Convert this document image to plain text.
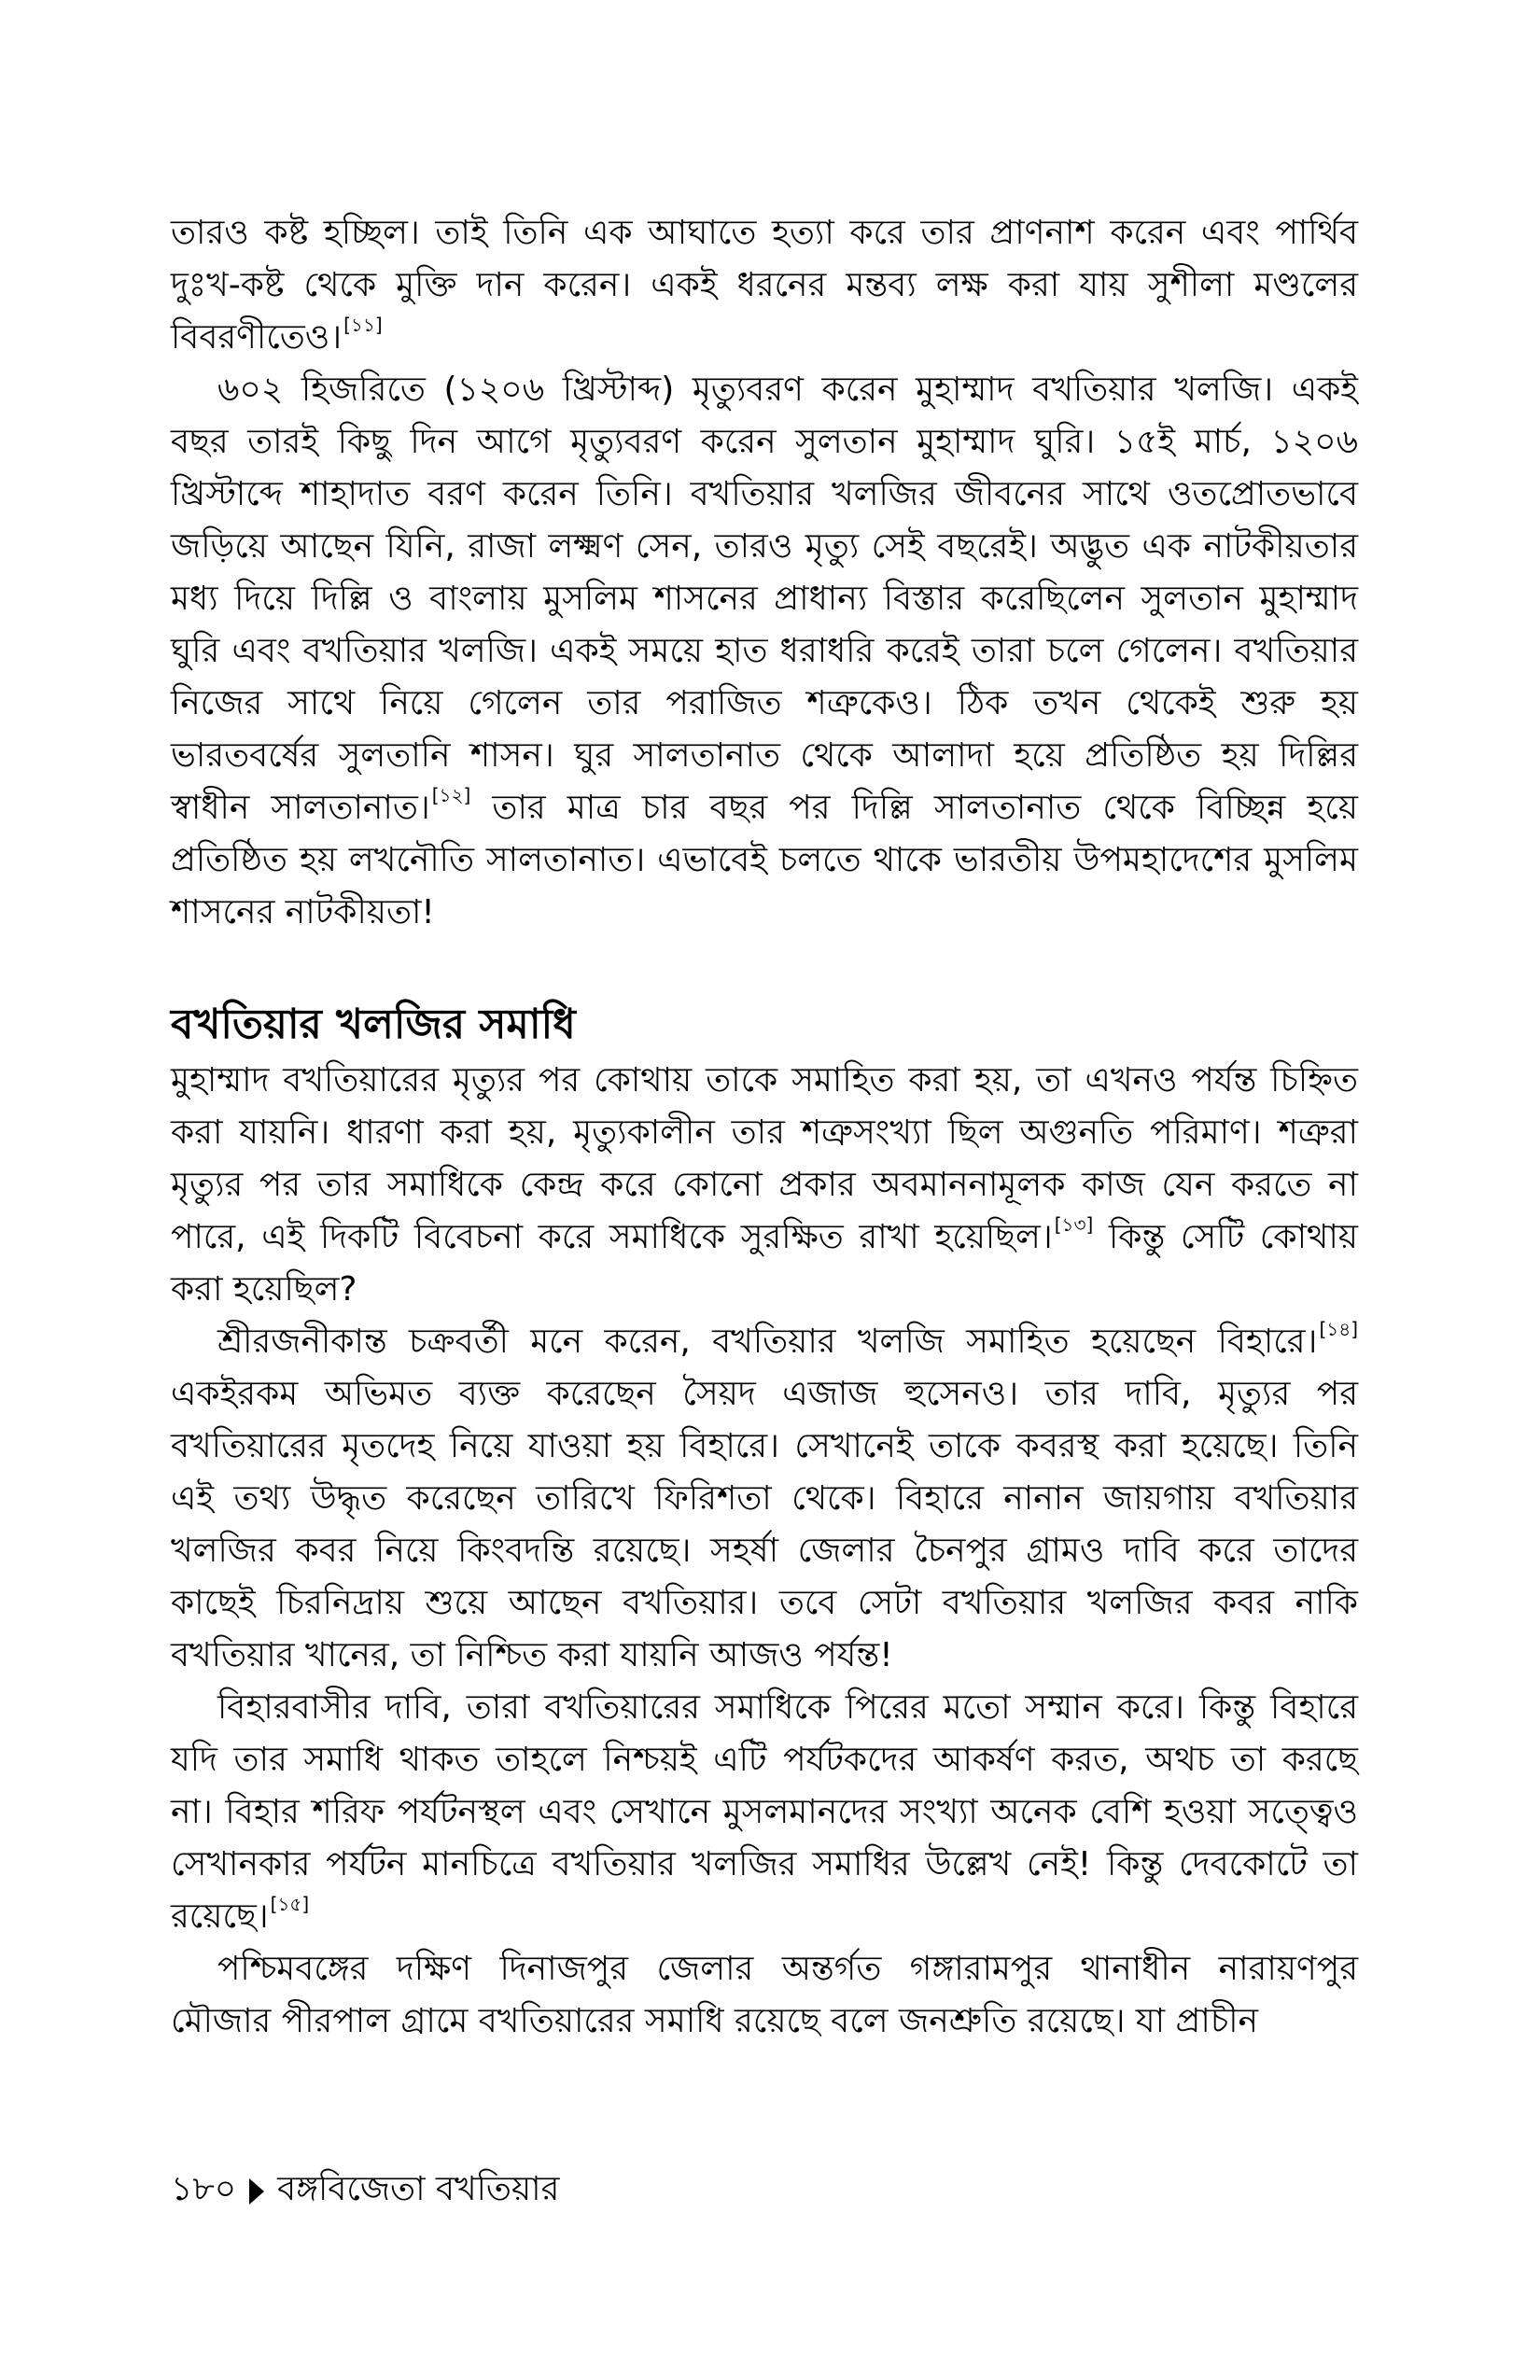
তারও কষ্ট হচ্ছিল। তাই তিনি এক আঘাতে হত্যা করে তার প্রাণনাশ করেন এবং পার্থিব
দুঃখ-কষ্ট থেকে মুক্তি দান করেন। একই ধরনের মন্তব্য লক্ষ করা যায় সুশীলা মণ্ডলের
বিবরণীতেও। [১১]
৬০২ হিজরিতে (১২০৬ খ্রিস্টাব্দ) মৃত্যুবরণ করেন মুহাম্মাদ বখতিয়ার খলজি। একই
বছর তারই কিছু দিন আগে মৃত্যুবরণ করেন সুলতান মুহাম্মাদ ঘুরি। ১৫ই মার্চ, ১২০৬
খ্রিস্টাব্দে শাহাদাত বরণ করেন তিনি। বখতিয়ার খলজির জীবনের সাথে ওতপ্রোতভাবে
জড়িয়ে আছেন যিনি, রাজা লক্ষ্মণ সেন, তারও মৃত্যু সেই বছরেই। অদ্ভুত এক নাটকীয়তার
মধ্য দিয়ে দিল্লি ও বাংলায় মুসলিম শাসনের প্রাধান্য বিস্তার করেছিলেন সুলতান মুহাম্মাদ
ঘুরি এবং বখতিয়ার খলজি। একই সময়ে হাত ধরাধরি করেই তারা চলে গেলেন। বখতিয়ার
নিজের সাথে নিয়ে গেলেন তার পরাজিত শত্রুকেও। ঠিক তখন থেকেই শুরু হয়
ভারতবর্ষের সুলতানি শাসন। ঘুর সালতানাত থেকে আলাদা হয়ে প্রতিষ্ঠিত হয় দিল্লির
স্বাধীন সালতানাত। [১২] তার মাত্র চার বছর পর দিল্লি সালতানাত থেকে বিচ্ছিন্ন হয়ে
প্রতিষ্ঠিত হয় লখনৌতি সালতানাত। এভাবেই চলতে থাকে ভারতীয় উপমহাদেশের মুসলিম
শাসনের নাটকীয়তা!
বখতিয়ার খলজির সমাধি
মুহাম্মাদ বখতিয়ারের মৃত্যুর পর কোথায় তাকে সমাহিত করা হয়, তা এখনও পর্যন্ত চিহ্নিত
করা যায়নি। ধারণা করা হয়, মৃত্যুকালীন তার শত্রুসংখ্যা ছিল অগুনতি পরিমাণ। শত্রুরা
মৃত্যুর পর তার সমাধিকে কেন্দ্র করে কোনো প্রকার অবমাননামূলক কাজ যেন করতে না
পারে, এই দিকটি বিবেচনা করে সমাধিকে সুরক্ষিত রাখা হয়েছিল। [১৩] কিন্তু সেটি কোথায়
করা হয়েছিল?
শ্রীরজনীকান্ত চক্রবর্তী মনে করেন, বখতিয়ার খলজি সমাহিত হয়েছেন বিহারে। [১৪]
একইরকম অভিমত ব্যক্ত করেছেন সৈয়দ এজাজ হুসেনও। তার দাবি, মৃত্যুর পর
বখতিয়ারের মৃতদেহ নিয়ে যাওয়া হয় বিহারে। সেখানেই তাকে কবরস্থ করা হয়েছে। তিনি
এই তথ্য উদ্ধৃত করেছেন তারিখে ফিরিশতা থেকে। বিহারে নানান জায়গায় বখতিয়ার
খলজির কবর নিয়ে কিংবদন্তি রয়েছে। সহর্ষা জেলার চৈনপুর গ্রামও দাবি করে তাদের
কাছেই চিরনিদ্রায় শুয়ে আছেন বখতিয়ার। তবে সেটা বখতিয়ার খলজির কবর নাকি
বখতিয়ার খানের, তা নিশ্চিত করা যায়নি আজও পর্যন্ত!
বিহারবাসীর দাবি, তারা বখতিয়ারের সমাধিকে পিরের মতো সম্মান করে। কিন্তু বিহারে
যদি তার সমাধি থাকত তাহলে নিশ্চয়ই এটি পর্যটকদের আকর্ষণ করত, অথচ তা করছে
না। বিহার শরিফ পর্যটনস্থল এবং সেখানে মুসলমানদের সংখ্যা অনেক বেশি হওয়া সত্ত্বেও
সেখানকার পর্যটন মানচিত্রে বখতিয়ার খলজির সমাধির উল্লেখ নেই! কিন্তু দেবকোটে তা
রয়েছে। [১৫]
পশ্চিমবঙ্গের দক্ষিণ দিনাজপুর জেলার অন্তর্গত গঙ্গারামপুর থানাধীন নারায়ণপুর
মৌজার পীরপাল গ্রামে বখতিয়ারের সমাধি রয়েছে বলে জনশ্রুতি রয়েছে। যা প্রাচীন
১৮০ বঙ্গবিজেতা বখতিয়ার
